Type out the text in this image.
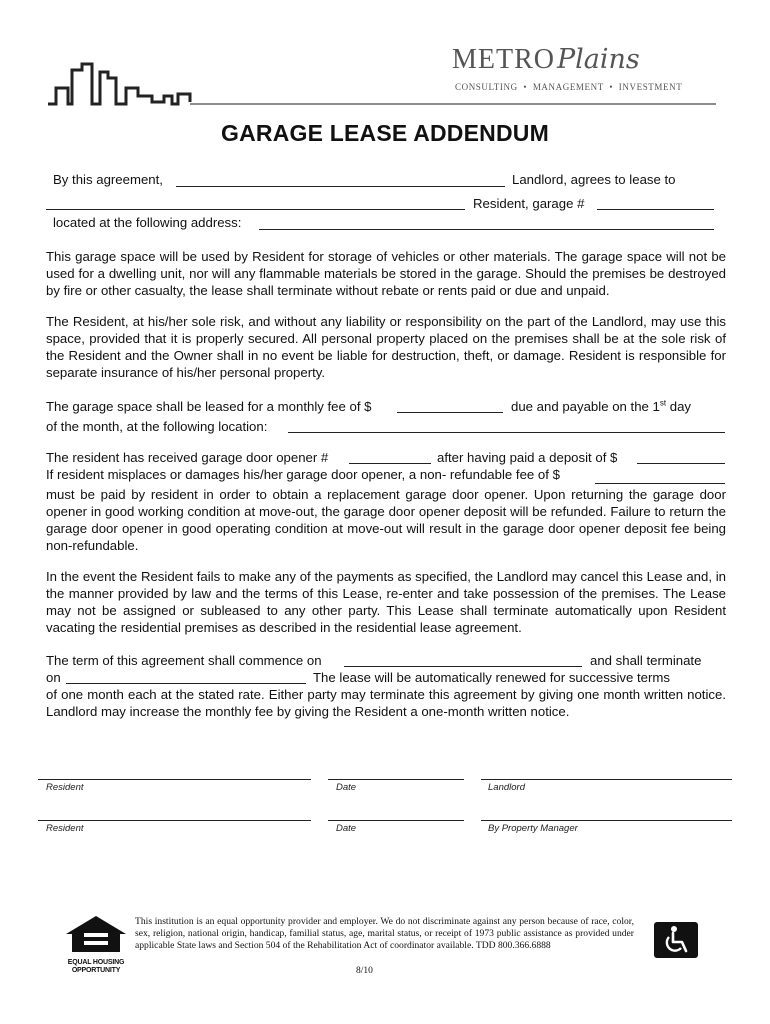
METROPlains
CONSULTING  •  MANAGEMENT  •  INVESTMENT
GARAGE LEASE ADDENDUM
By this agreement,	Landlord, agrees to lease to
Resident, garage #
located at the following address:
This garage space will be used by Resident for storage of vehicles or other materials. The garage space will not be used for a dwelling unit, nor will any flammable materials be stored in the garage. Should the premises be destroyed by fire or other casualty, the lease shall terminate without rebate or rents paid or due and unpaid.
The Resident, at his/her sole risk, and without any liability or responsibility on the part of the Landlord, may use this space, provided that it is properly secured. All personal property placed on the premises shall be at the sole risk of the Resident and the Owner shall in no event be liable for destruction, theft, or damage. Resident is responsible for separate insurance of his/her personal property.
The garage space shall be leased for a monthly fee of $	due and payable on the 1st day
of the month, at the following location:
The resident has received garage door opener #	after having paid a deposit of $
If resident misplaces or damages his/her garage door opener, a non- refundable fee of $
must be paid by resident in order to obtain a replacement garage door opener. Upon returning the garage door opener in good working condition at move-out, the garage door opener deposit will be refunded. Failure to return the garage door opener in good operating condition at move-out will result in the garage door opener deposit fee being non-refundable.
In the event the Resident fails to make any of the payments as specified, the Landlord may cancel this Lease and, in the manner provided by law and the terms of this Lease, re-enter and take possession of the premises. The Lease may not be assigned or subleased to any other party. This Lease shall terminate automatically upon Resident vacating the residential premises as described in the residential lease agreement.
The term of this agreement shall commence on	and shall terminate
on	The lease will be automatically renewed for successive terms
of one month each at the stated rate. Either party may terminate this agreement by giving one month written notice. Landlord may increase the monthly fee by giving the Resident a one-month written notice.
Resident	Date	Landlord
Resident	Date	By Property Manager
EQUAL HOUSING
OPPORTUNITY
This institution is an equal opportunity provider and employer. We do not discriminate against any person because of race, color, sex, religion, national origin, handicap, familial status, age, marital status, or receipt of 1973 public assistance as provided under applicable State laws and Section 504 of the Rehabilitation Act of coordinator available. TDD 800.366.6888
8/10
